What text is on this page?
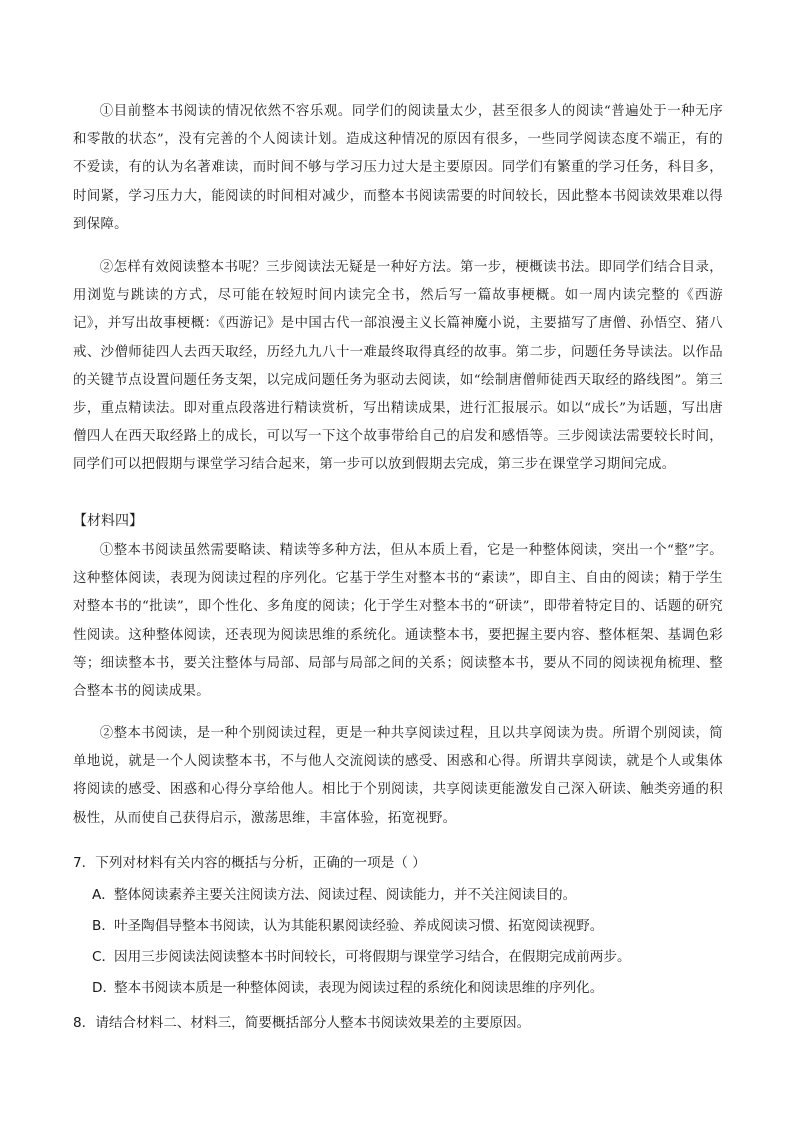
①目前整本书阅读的情况依然不容乐观。同学们的阅读量太少，甚至很多人的阅读“普遍处于一种无序和零散的状态”，没有完善的个人阅读计划。造成这种情况的原因有很多，一些同学阅读态度不端正，有的不爱读，有的认为名著难读，而时间不够与学习压力过大是主要原因。同学们有繁重的学习任务，科目多，时间紧，学习压力大，能阅读的时间相对减少，而整本书阅读需要的时间较长，因此整本书阅读效果难以得到保障。

②怎样有效阅读整本书呢？三步阅读法无疑是一种好方法。第一步，梗概读书法。即同学们结合目录，用浏览与跳读的方式，尽可能在较短时间内读完全书，然后写一篇故事梗概。如一周内读完整的《西游记》，并写出故事梗概：《西游记》是中国古代一部浪漫主义长篇神魔小说，主要描写了唐僧、孙悟空、猪八戒、沙僧师徒四人去西天取经，历经九九八十一难最终取得真经的故事。第二步，问题任务导读法。以作品的关键节点设置问题任务支架，以完成问题任务为驱动去阅读，如“绘制唐僧师徒西天取经的路线图”。第三步，重点精读法。即对重点段落进行精读赏析，写出精读成果，进行汇报展示。如以“成长”为话题，写出唐僧四人在西天取经路上的成长，可以写一下这个故事带给自己的启发和感悟等。三步阅读法需要较长时间，同学们可以把假期与课堂学习结合起来，第一步可以放到假期去完成，第三步在课堂学习期间完成。

【材料四】

①整本书阅读虽然需要略读、精读等多种方法，但从本质上看，它是一种整体阅读，突出一个“整”字。这种整体阅读，表现为阅读过程的序列化。它基于学生对整本书的“素读”，即自主、自由的阅读；精于学生对整本书的“批读”，即个性化、多角度的阅读；化于学生对整本书的“研读”，即带着特定目的、话题的研究性阅读。这种整体阅读，还表现为阅读思维的系统化。通读整本书，要把握主要内容、整体框架、基调色彩等；细读整本书，要关注整体与局部、局部与局部之间的关系；阅读整本书，要从不同的阅读视角梳理、整合整本书的阅读成果。

②整本书阅读，是一种个别阅读过程，更是一种共享阅读过程，且以共享阅读为贵。所谓个别阅读，简单地说，就是一个人阅读整本书，不与他人交流阅读的感受、困惑和心得。所谓共享阅读，就是个人或集体将阅读的感受、困惑和心得分享给他人。相比于个别阅读，共享阅读更能激发自己深入研读、触类旁通的积极性，从而使自己获得启示，激荡思维，丰富体验，拓宽视野。

7．下列对材料有关内容的概括与分析，正确的一项是（ ）

A．整体阅读素养主要关注阅读方法、阅读过程、阅读能力，并不关注阅读目的。

B．叶圣陶倡导整本书阅读，认为其能积累阅读经验、养成阅读习惯、拓宽阅读视野。

C．因用三步阅读法阅读整本书时间较长，可将假期与课堂学习结合，在假期完成前两步。

D．整本书阅读本质是一种整体阅读，表现为阅读过程的系统化和阅读思维的序列化。

8．请结合材料二、材料三，简要概括部分人整本书阅读效果差的主要原因。
